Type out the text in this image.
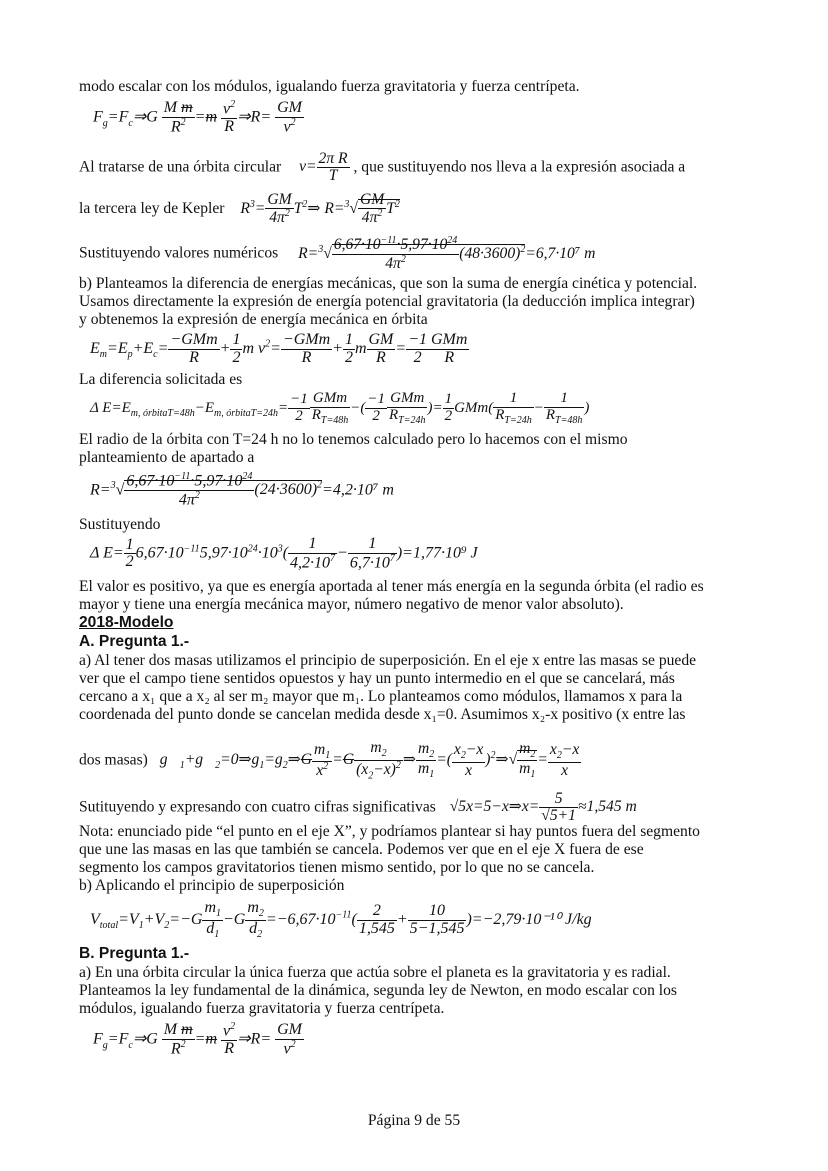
modo escalar con los módulos, igualando fuerza gravitatoria y fuerza centrípeta.
$F_g=F_c\Rightarrow G \frac{\text{M m}}{R^2} =m \frac{v^2}{R}$ ⇒R= $\frac{GM}{v^2}$
Al tratarse de una órbita circular $v= \frac{\text{2π R}}{T}$ , que sustituyendo nos lleva a la expresión asociada a
la tercera ley de Kepler $R^3= \frac{GM}{4\pi^2}$ $T^2\Rightarrow$ $R=^3√ \frac{GM}{4\pi^2} T^2$
Sustituyendo valores numéricos $R=^3√ \frac{6,67\cdot 10^{-11}\cdot 5,97\cdot 10^{24}}{4\pi^2} (48\cdot 3600)^2=6,7\cdot 10^7$ m
b) Planteamos la diferencia de energías mecánicas, que son la suma de energía cinética y potencial.
Usamos directamente la expresión de energía potencial gravitatoria (la deducción implica integrar)
y obtenemos la expresión de energía mecánica en órbita
$E_m=E_p+E_c= \frac{\text{−GMm}}{R} + \frac{1}{2}$ m $v^2= \frac{\text{−GMm}}{R} + \frac{1}{2}$ m $\frac{GM}{R} = \frac{-1}{2} \frac{\text{GMm}}{R}$
La diferencia solicitada es
Δ $E=E_{m, órbitaT=48h}-E_{m, órbitaT=24h}= \frac{-1}{2} \frac{\text{GMm}}{R_{T=48h}}$ −( $\frac{-1}{2} \frac{\text{GMm}}{R_{T=24h}}$ )= $\frac{1}{2} GMm( \frac{1}{R_{T=24h}} - \frac{1}{R_{T=48h}}$ )
El radio de la órbita con T=24 h no lo tenemos calculado pero lo hacemos con el mismo
planteamiento de apartado a
$R=^3√ \frac{6,67\cdot 10^{-11}\cdot 5,97\cdot 10^{24}}{4\pi^2} (24\cdot 3600)^2=4,2\cdot 10^7$ m
Sustituyendo
Δ $E= \frac{1}{2} 6,67\cdot 10^{-11}5,97\cdot 10^{24}\cdot 10^3( \frac{1}{4,2\cdot 10^7} - \frac{1}{6,7\cdot 10^7} )=1,77\cdot 10^9$ J
El valor es positivo, ya que es energía aportada al tener más energía en la segunda órbita (el radio es
mayor y tiene una energía mecánica mayor, número negativo de menor valor absoluto).
2018-Modelo
A. Pregunta 1.-
a) Al tener dos masas utilizamos el principio de superposición. En el eje x entre las masas se puede
ver que el campo tiene sentidos opuestos y hay un punto intermedio en el que se cancelará, más
cercano a x₁ que a x₂ al ser m₂ mayor que m₁. Lo planteamos como módulos, llamamos x para la
coordenada del punto donde se cancelan medida desde x₁=0. Asumimos x₂-x positivo (x entre las
dos masas) $g⃗_1+g⃗_2=0\Rightarrow g_1=g_2\Rightarrow G \frac{m_1}{x^2} =G \frac{m_2}{(x_2-x)^2}$ ⇒ $\frac{m_2}{m_1}$ =( $\frac{x_2-x}{x}$ )$^2$⇒√ $\frac{m_2}{m_1} = \frac{x_2-x}{x}$
Sutituyendo y expresando con cuatro cifras significativas √5x=5−x⇒x= $\frac{5}{√5+1} \approx 1,545$ m
Nota: enunciado pide “el punto en el eje X”, y podríamos plantear si hay puntos fuera del segmento
que une las masas en las que también se cancela. Podemos ver que en el eje X fuera de ese
segmento los campos gravitatorios tienen mismo sentido, por lo que no se cancela.
b) Aplicando el principio de superposición
$V_{total}=V_1+V_2=-G \frac{m_1}{d_1} -G \frac{m_2}{d_2} =-6,67\cdot 10^{-11}( \frac{2}{1,545} + \frac{10}{5-1,545} )=-2,79\cdot 10^{-10}$ J/kg
B. Pregunta 1.-
a) En una órbita circular la única fuerza que actúa sobre el planeta es la gravitatoria y es radial.
Planteamos la ley fundamental de la dinámica, segunda ley de Newton, en modo escalar con los
módulos, igualando fuerza gravitatoria y fuerza centrípeta.
$F_g=F_c\Rightarrow G \frac{\text{M m}}{R^2} =m \frac{v^2}{R}$ ⇒R= $\frac{GM}{v^2}$
Página 9 de 55
